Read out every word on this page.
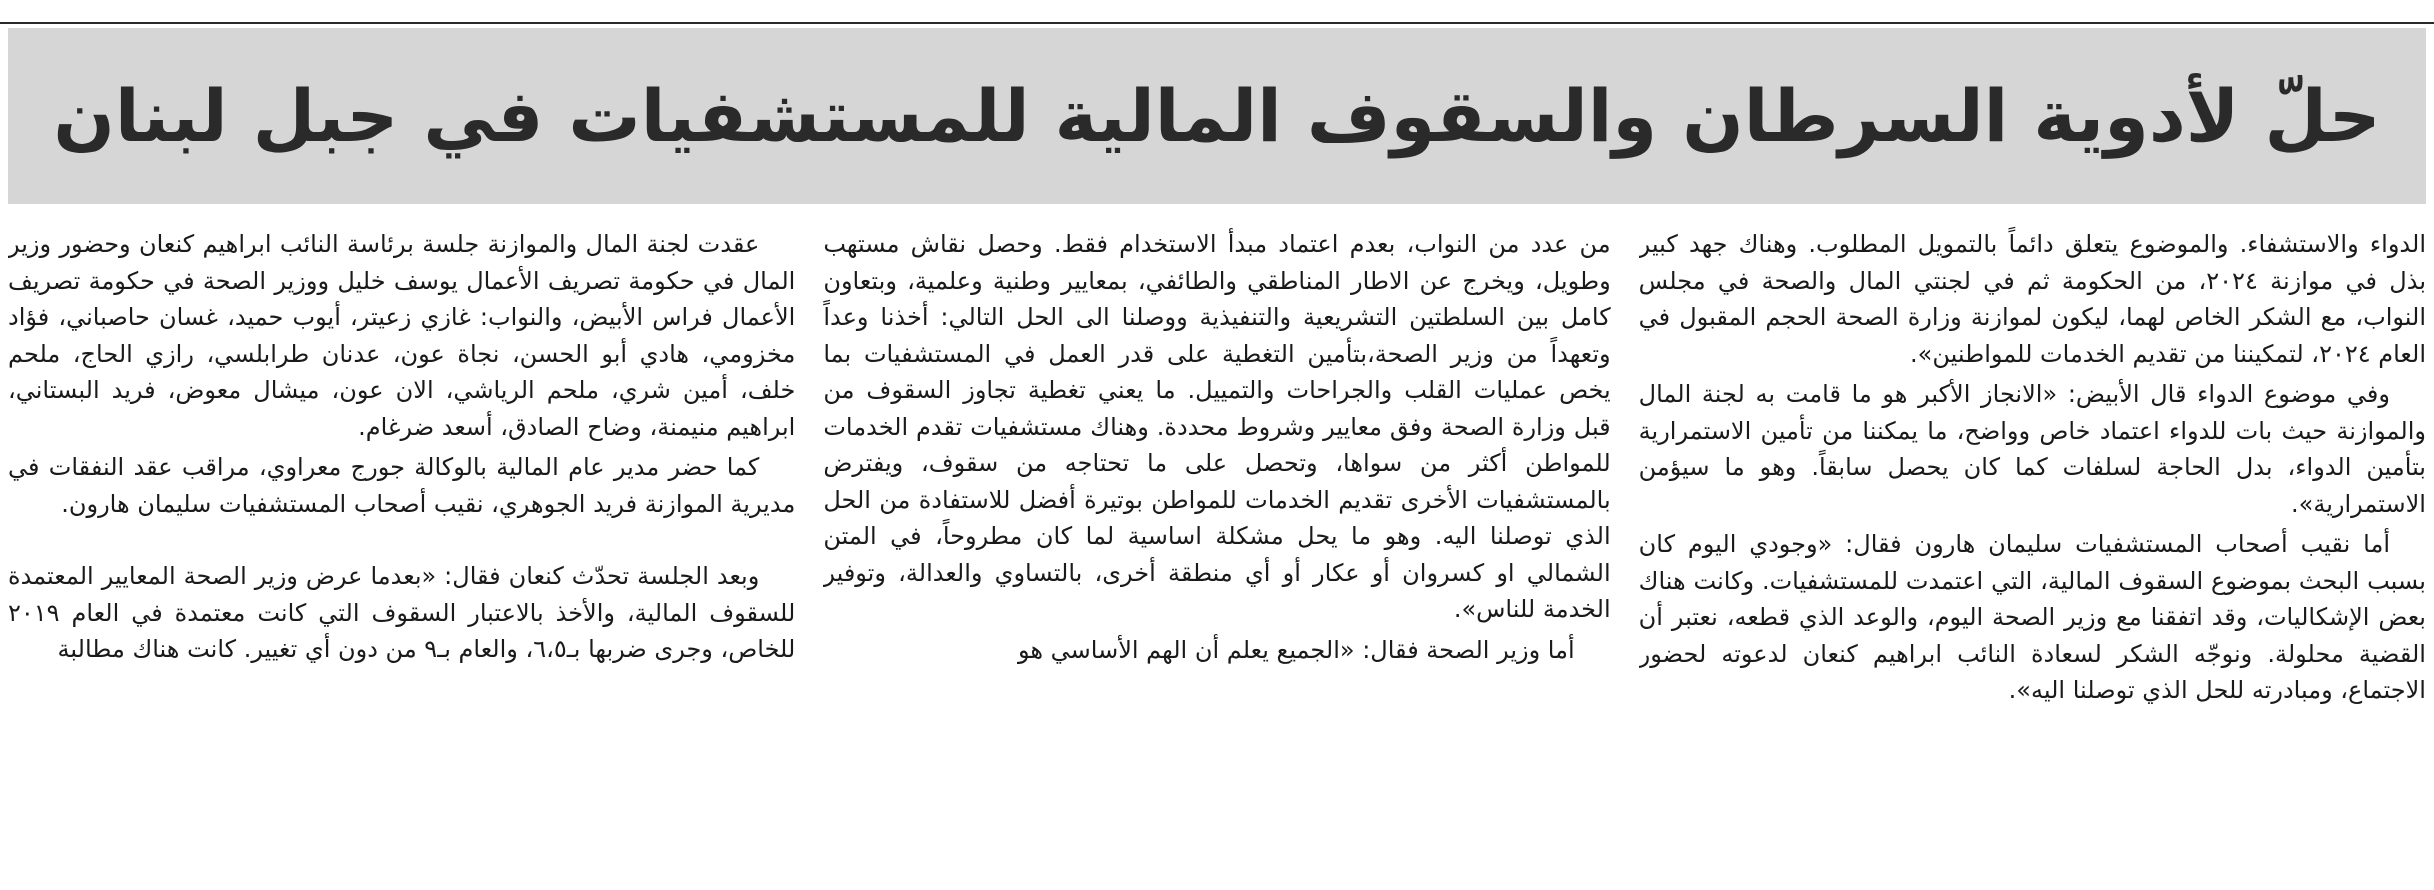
حلّ لأدوية السرطان والسقوف المالية للمستشفيات في جبل لبنان

عقدت لجنة المال والموازنة جلسة برئاسة النائب ابراهيم كنعان وحضور وزير المال في حكومة تصريف الأعمال يوسف خليل ووزير الصحة في حكومة تصريف الأعمال فراس الأبيض، والنواب: غازي زعيتر، أيوب حميد، غسان حاصباني، فؤاد مخزومي، هادي أبو الحسن، نجاة عون، عدنان طرابلسي، رازي الحاج، ملحم خلف، أمين شري، ملحم الرياشي، الان عون، ميشال معوض، فريد البستاني، ابراهيم منيمنة، وضاح الصادق، أسعد ضرغام.

كما حضر مدير عام المالية بالوكالة جورج معراوي، مراقب عقد النفقات في مديرية الموازنة فريد الجوهري، نقيب أصحاب المستشفيات سليمان هارون.

وبعد الجلسة تحدّث كنعان فقال: «بعدما عرض وزير الصحة المعايير المعتمدة للسقوف المالية، والأخذ بالاعتبار السقوف التي كانت معتمدة في العام ٢٠١٩ للخاص، وجرى ضربها بـ٦،٥، والعام بـ٩ من دون أي تغيير. كانت هناك مطالبة

من عدد من النواب، بعدم اعتماد مبدأ الاستخدام فقط. وحصل نقاش مستهب وطويل، ويخرج عن الاطار المناطقي والطائفي، بمعايير وطنية وعلمية، وبتعاون كامل بين السلطتين التشريعية والتنفيذية ووصلنا الى الحل التالي: أخذنا وعداً وتعهداً من وزير الصحة،بتأمين التغطية على قدر العمل في المستشفيات بما يخص عمليات القلب والجراحات والتمييل. ما يعني تغطية تجاوز السقوف من قبل وزارة الصحة وفق معايير وشروط محددة. وهناك مستشفيات تقدم الخدمات للمواطن أكثر من سواها، وتحصل على ما تحتاجه من سقوف، ويفترض بالمستشفيات الأخرى تقديم الخدمات للمواطن بوتيرة أفضل للاستفادة من الحل الذي توصلنا اليه. وهو ما يحل مشكلة اساسية لما كان مطروحاً، في المتن الشمالي او كسروان أو عكار أو أي منطقة أخرى، بالتساوي والعدالة، وتوفير الخدمة للناس».

أما وزير الصحة فقال: «الجميع يعلم أن الهم الأساسي هو

الدواء والاستشفاء. والموضوع يتعلق دائماً بالتمويل المطلوب. وهناك جهد كبير بذل في موازنة ٢٠٢٤، من الحكومة ثم في لجنتي المال والصحة في مجلس النواب، مع الشكر الخاص لهما، ليكون لموازنة وزارة الصحة الحجم المقبول في العام ٢٠٢٤، لتمكيننا من تقديم الخدمات للمواطنين».

وفي موضوع الدواء قال الأبيض: «الانجاز الأكبر هو ما قامت به لجنة المال والموازنة حيث بات للدواء اعتماد خاص وواضح، ما يمكننا من تأمين الاستمرارية بتأمين الدواء، بدل الحاجة لسلفات كما كان يحصل سابقاً. وهو ما سيؤمن الاستمرارية».

أما نقيب أصحاب المستشفيات سليمان هارون فقال: «وجودي اليوم كان بسبب البحث بموضوع السقوف المالية، التي اعتمدت للمستشفيات. وكانت هناك بعض الإشكاليات، وقد اتفقنا مع وزير الصحة اليوم، والوعد الذي قطعه، نعتبر أن القضية محلولة. ونوجّه الشكر لسعادة النائب ابراهيم كنعان لدعوته لحضور الاجتماع، ومبادرته للحل الذي توصلنا اليه».
